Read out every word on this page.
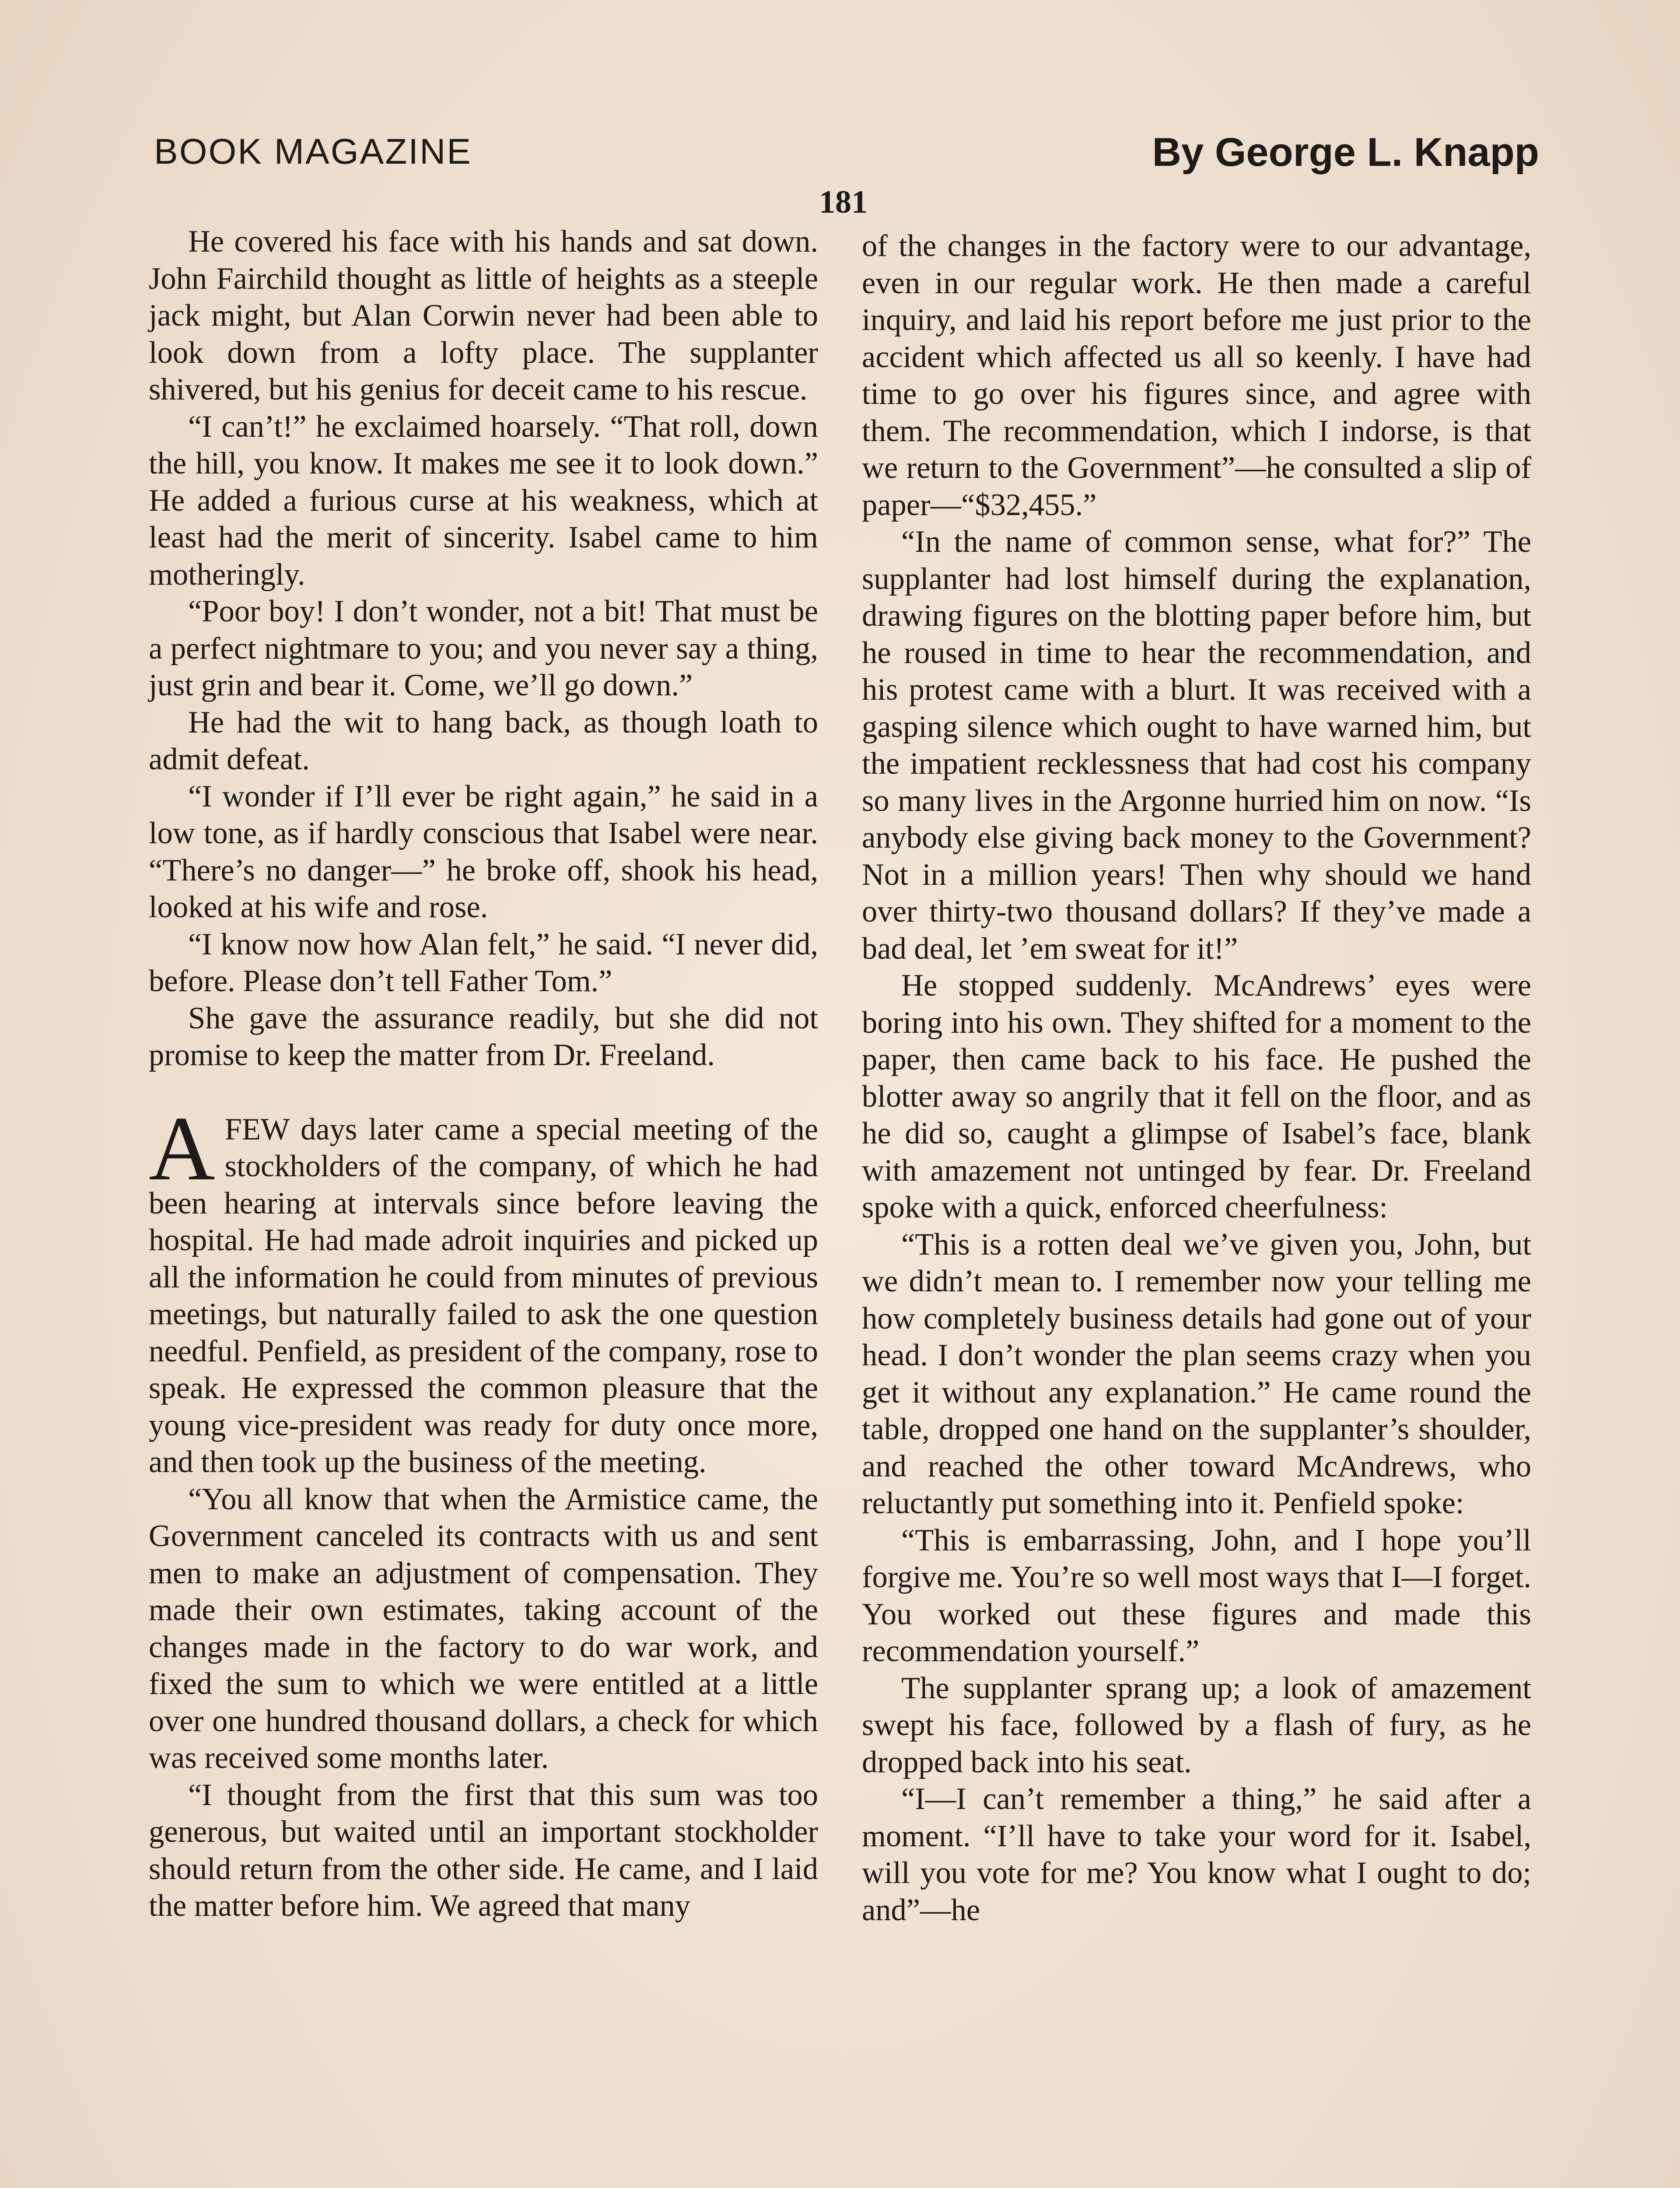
BOOK MAGAZINE	By George L. Knapp
181

He covered his face with his hands and sat down. John Fairchild thought as little of heights as a steeple jack might, but Alan Corwin never had been able to look down from a lofty place. The supplanter shivered, but his genius for deceit came to his rescue.

“I can’t!” he exclaimed hoarsely. “That roll, down the hill, you know. It makes me see it to look down.” He added a furious curse at his weakness, which at least had the merit of sincerity. Isabel came to him motheringly.

“Poor boy! I don’t wonder, not a bit! That must be a perfect nightmare to you; and you never say a thing, just grin and bear it. Come, we’ll go down.”

He had the wit to hang back, as though loath to admit defeat.

“I wonder if I’ll ever be right again,” he said in a low tone, as if hardly conscious that Isabel were near. “There’s no danger—” he broke off, shook his head, looked at his wife and rose.

“I know now how Alan felt,” he said. “I never did, before. Please don’t tell Father Tom.”

She gave the assurance readily, but she did not promise to keep the matter from Dr. Freeland.

AFEW days later came a special meeting of the stockholders of the company, of which he had been hearing at intervals since before leaving the hospital. He had made adroit inquiries and picked up all the information he could from minutes of previous meetings, but naturally failed to ask the one question needful. Penfield, as president of the company, rose to speak. He expressed the common pleasure that the young vice-president was ready for duty once more, and then took up the business of the meeting.

“You all know that when the Armistice came, the Government canceled its contracts with us and sent men to make an adjustment of compensation. They made their own estimates, taking account of the changes made in the factory to do war work, and fixed the sum to which we were entitled at a little over one hundred thousand dollars, a check for which was received some months later.

“I thought from the first that this sum was too generous, but waited until an important stockholder should return from the other side. He came, and I laid the matter before him. We agreed that many

of the changes in the factory were to our advantage, even in our regular work. He then made a careful inquiry, and laid his report before me just prior to the accident which affected us all so keenly. I have had time to go over his figures since, and agree with them. The recommendation, which I indorse, is that we return to the Government”—he consulted a slip of paper—“$32,455.”

“In the name of common sense, what for?” The supplanter had lost himself during the explanation, drawing figures on the blotting paper before him, but he roused in time to hear the recommendation, and his protest came with a blurt. It was received with a gasping silence which ought to have warned him, but the impatient recklessness that had cost his company so many lives in the Argonne hurried him on now. “Is anybody else giving back money to the Government? Not in a million years! Then why should we hand over thirty-two thousand dollars? If they’ve made a bad deal, let ’em sweat for it!”

He stopped suddenly. McAndrews’ eyes were boring into his own. They shifted for a moment to the paper, then came back to his face. He pushed the blotter away so angrily that it fell on the floor, and as he did so, caught a glimpse of Isabel’s face, blank with amazement not untinged by fear. Dr. Freeland spoke with a quick, enforced cheerfulness:

“This is a rotten deal we’ve given you, John, but we didn’t mean to. I remember now your telling me how completely business details had gone out of your head. I don’t wonder the plan seems crazy when you get it without any explanation.” He came round the table, dropped one hand on the supplanter’s shoulder, and reached the other toward McAndrews, who reluctantly put something into it. Penfield spoke:

“This is embarrassing, John, and I hope you’ll forgive me. You’re so well most ways that I—I forget. You worked out these figures and made this recommendation yourself.”

The supplanter sprang up; a look of amazement swept his face, followed by a flash of fury, as he dropped back into his seat.

“I—I can’t remember a thing,” he said after a moment. “I’ll have to take your word for it. Isabel, will you vote for me? You know what I ought to do; and”—he
